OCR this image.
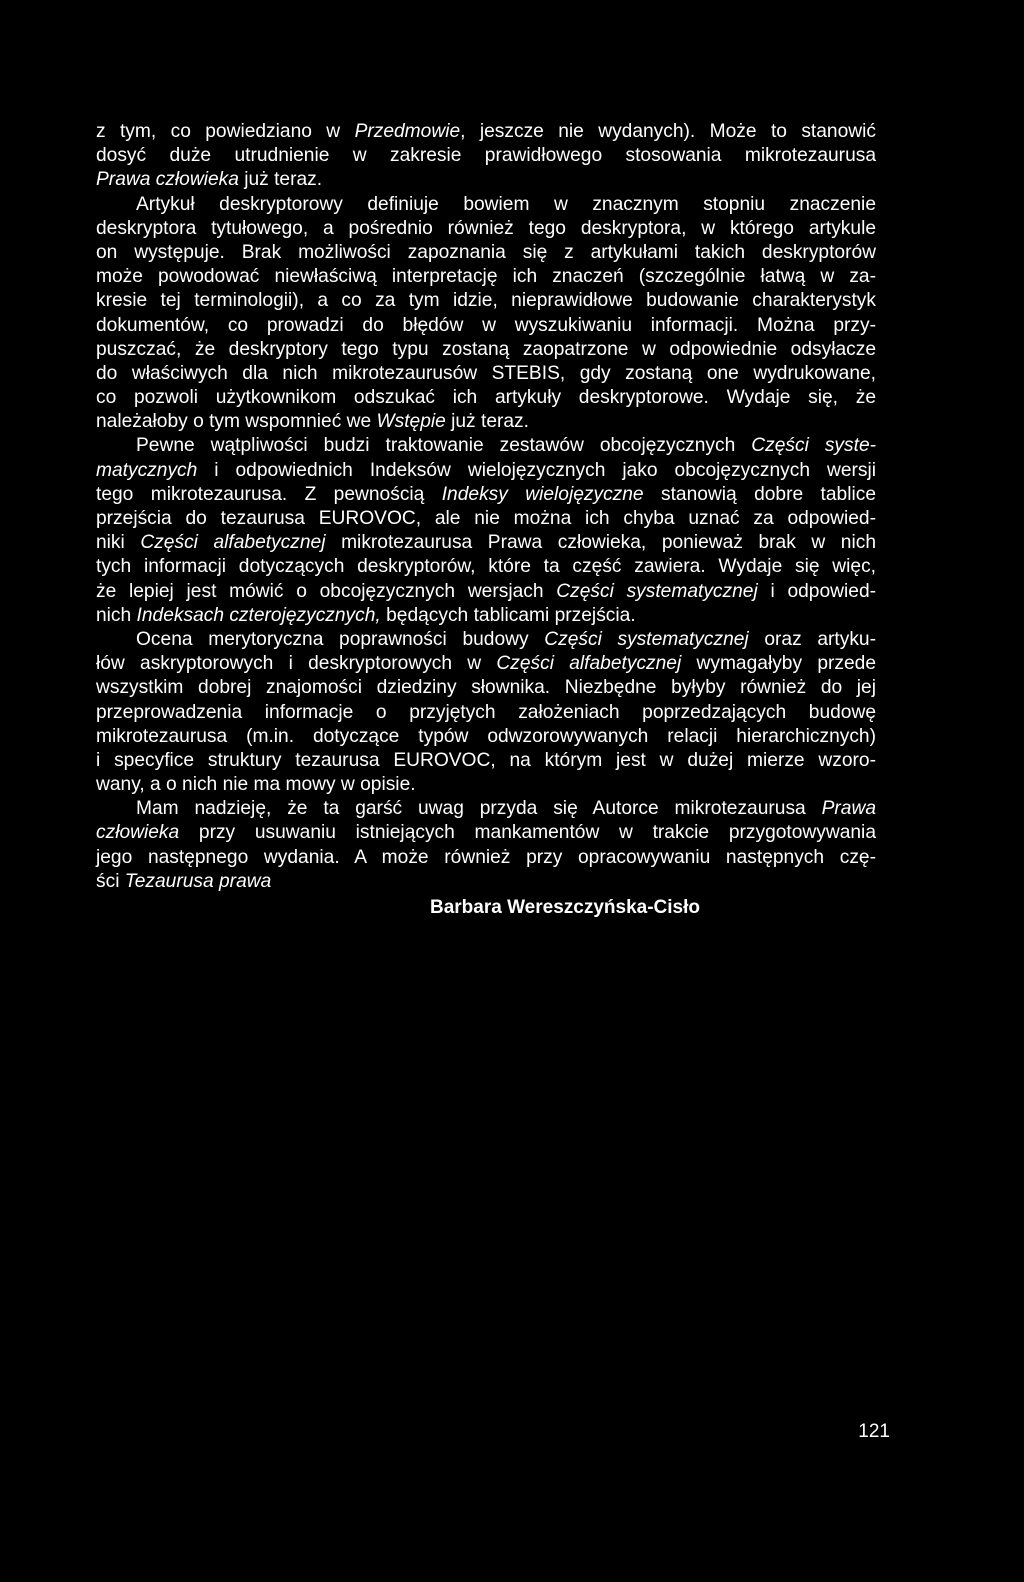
z tym, co powiedziano w Przedmowie, jeszcze nie wydanych). Może to stanowić
dosyć duże utrudnienie w zakresie prawidłowego stosowania mikrotezaurusa
Prawa człowieka już teraz.
Artykuł deskryptorowy definiuje bowiem w znacznym stopniu znaczenie
deskryptora tytułowego, a pośrednio również tego deskryptora, w którego artykule
on występuje. Brak możliwości zapoznania się z artykułami takich deskryptorów
może powodować niewłaściwą interpretację ich znaczeń (szczególnie łatwą w za-
kresie tej terminologii), a co za tym idzie, nieprawidłowe budowanie charakterystyk
dokumentów, co prowadzi do błędów w wyszukiwaniu informacji. Można przy-
puszczać, że deskryptory tego typu zostaną zaopatrzone w odpowiednie odsyłacze
do właściwych dla nich mikrotezaurusów STEBIS, gdy zostaną one wydrukowane,
co pozwoli użytkownikom odszukać ich artykuły deskryptorowe. Wydaje się, że
należałoby o tym wspomnieć we Wstępie już teraz.
Pewne wątpliwości budzi traktowanie zestawów obcojęzycznych Części syste-
matycznych i odpowiednich Indeksów wielojęzycznych jako obcojęzycznych wersji
tego mikrotezaurusa. Z pewnością Indeksy wielojęzyczne stanowią dobre tablice
przejścia do tezaurusa EUROVOC, ale nie można ich chyba uznać za odpowied-
niki Części alfabetycznej mikrotezaurusa Prawa człowieka, ponieważ brak w nich
tych informacji dotyczących deskryptorów, które ta część zawiera. Wydaje się więc,
że lepiej jest mówić o obcojęzycznych wersjach Części systematycznej i odpowied-
nich Indeksach czterojęzycznych, będących tablicami przejścia.
Ocena merytoryczna poprawności budowy Części systematycznej oraz artyku-
łów askryptorowych i deskryptorowych w Części alfabetycznej wymagałyby przede
wszystkim dobrej znajomości dziedziny słownika. Niezbędne byłyby również do jej
przeprowadzenia informacje o przyjętych założeniach poprzedzających budowę
mikrotezaurusa (m.in. dotyczące typów odwzorowywanych relacji hierarchicznych)
i specyfice struktury tezaurusa EUROVOC, na którym jest w dużej mierze wzoro-
wany, a o nich nie ma mowy w opisie.
Mam nadzieję, że ta garść uwag przyda się Autorce mikrotezaurusa Prawa
człowieka przy usuwaniu istniejących mankamentów w trakcie przygotowywania
jego następnego wydania. A może również przy opracowywaniu następnych czę-
ści Tezaurusa prawa
Barbara Wereszczyńska-Cisło
121
